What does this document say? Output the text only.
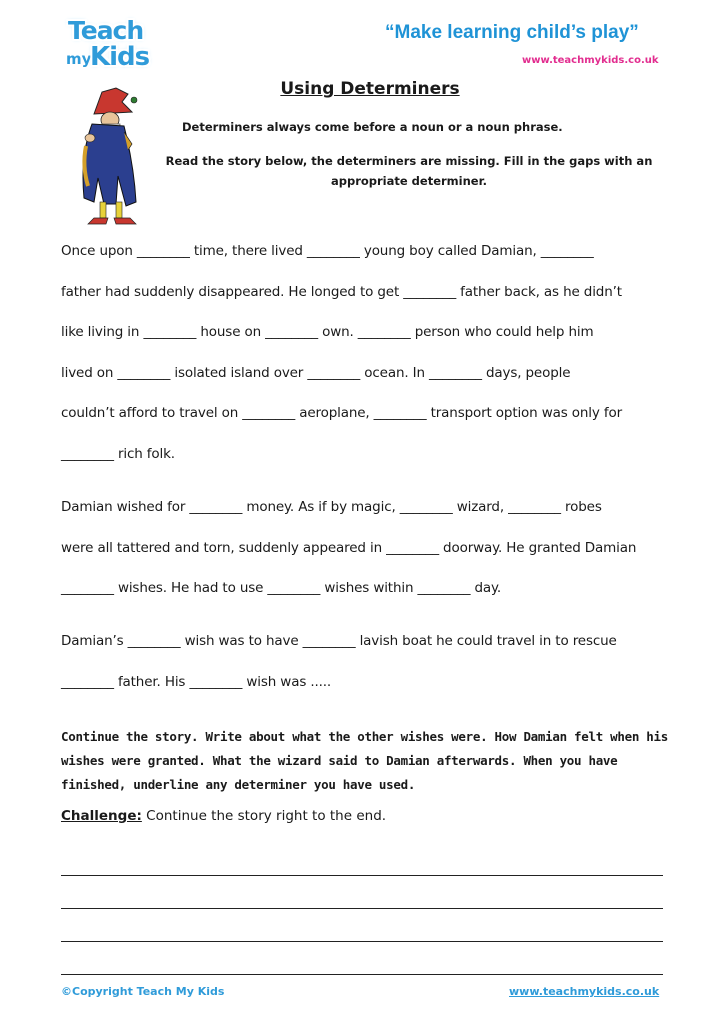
Teach
my
Kids
“Make learning child’s play”
www.teachmykids.co.uk
Using Determiners
Determiners always come before a noun or a noun phrase.
Read the story below, the determiners are missing. Fill in the gaps with an appropriate determiner.
Once upon ________ time, there lived ________ young boy called Damian, ________
father had suddenly disappeared. He longed to get ________ father back, as he didn’t
like living in ________ house on ________ own. ________ person who could help him
lived on ________ isolated island over ________ ocean. In ________ days, people
couldn’t afford to travel on ________ aeroplane, ________ transport option was only for
________ rich folk.
Damian wished for ________ money. As if by magic, ________ wizard, ________ robes
were all tattered and torn, suddenly appeared in ________ doorway. He granted Damian
________ wishes. He had to use ________ wishes within ________ day.
Damian’s ________ wish was to have ________ lavish boat he could travel in to rescue
________ father. His ________ wish was .....
Continue the story. Write about what the other wishes were. How Damian felt when his wishes were granted. What the wizard said to Damian afterwards. When you have finished, underline any determiner you have used.
Challenge: Continue the story right to the end.
©Copyright Teach My Kids	www.teachmykids.co.uk
